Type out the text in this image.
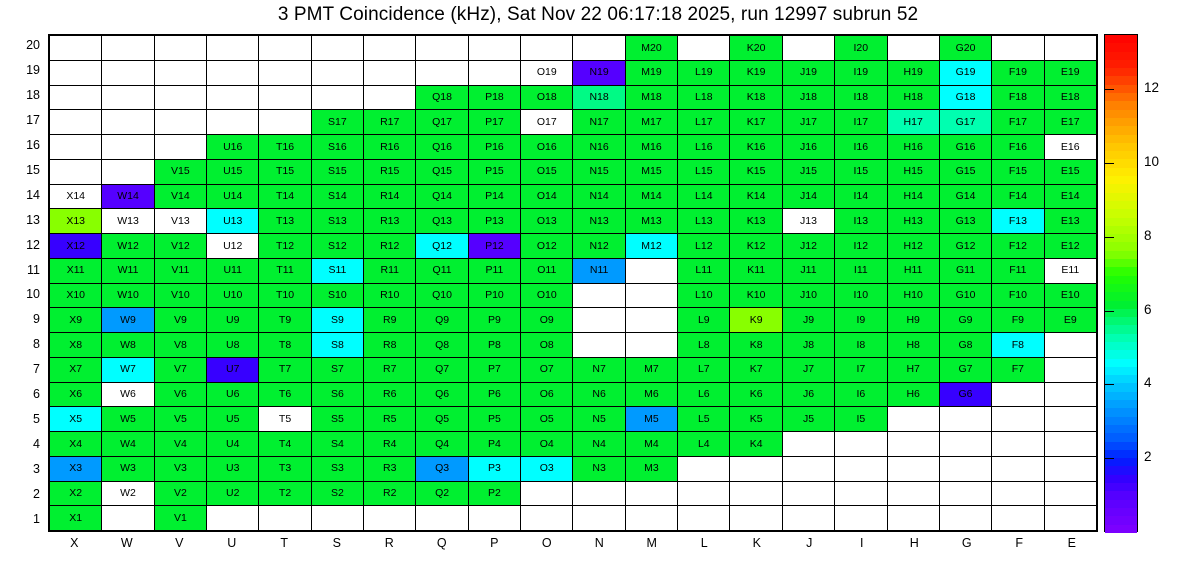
3 PMT Coincidence (kHz), Sat Nov 22 06:17:18 2025, run 12997 subrun 52
											M20		K20		I20		G20		
									O19	N19	M19	L19	K19	J19	I19	H19	G19	F19	E19
							Q18	P18	O18	N18	M18	L18	K18	J18	I18	H18	G18	F18	E18
					S17	R17	Q17	P17	O17	N17	M17	L17	K17	J17	I17	H17	G17	F17	E17
			U16	T16	S16	R16	Q16	P16	O16	N16	M16	L16	K16	J16	I16	H16	G16	F16	E16
		V15	U15	T15	S15	R15	Q15	P15	O15	N15	M15	L15	K15	J15	I15	H15	G15	F15	E15
X14	W14	V14	U14	T14	S14	R14	Q14	P14	O14	N14	M14	L14	K14	J14	I14	H14	G14	F14	E14
X13	W13	V13	U13	T13	S13	R13	Q13	P13	O13	N13	M13	L13	K13	J13	I13	H13	G13	F13	E13
X12	W12	V12	U12	T12	S12	R12	Q12	P12	O12	N12	M12	L12	K12	J12	I12	H12	G12	F12	E12
X11	W11	V11	U11	T11	S11	R11	Q11	P11	O11	N11		L11	K11	J11	I11	H11	G11	F11	E11
X10	W10	V10	U10	T10	S10	R10	Q10	P10	O10			L10	K10	J10	I10	H10	G10	F10	E10
X9	W9	V9	U9	T9	S9	R9	Q9	P9	O9			L9	K9	J9	I9	H9	G9	F9	E9
X8	W8	V8	U8	T8	S8	R8	Q8	P8	O8			L8	K8	J8	I8	H8	G8	F8	
X7	W7	V7	U7	T7	S7	R7	Q7	P7	O7	N7	M7	L7	K7	J7	I7	H7	G7	F7	
X6	W6	V6	U6	T6	S6	R6	Q6	P6	O6	N6	M6	L6	K6	J6	I6	H6	G6		
X5	W5	V5	U5	T5	S5	R5	Q5	P5	O5	N5	M5	L5	K5	J5	I5				
X4	W4	V4	U4	T4	S4	R4	Q4	P4	O4	N4	M4	L4	K4						
X3	W3	V3	U3	T3	S3	R3	Q3	P3	O3	N3	M3								
X2	W2	V2	U2	T2	S2	R2	Q2	P2											
X1		V1																	
20
19
18
17
16
15
14
13
12
11
10
9
8
7
6
5
4
3
2
1
X	W	V	U	T	S	R	Q	P	O	N	M	L	K	J	I	H	G	F	E
2
4
6
8
10
12
